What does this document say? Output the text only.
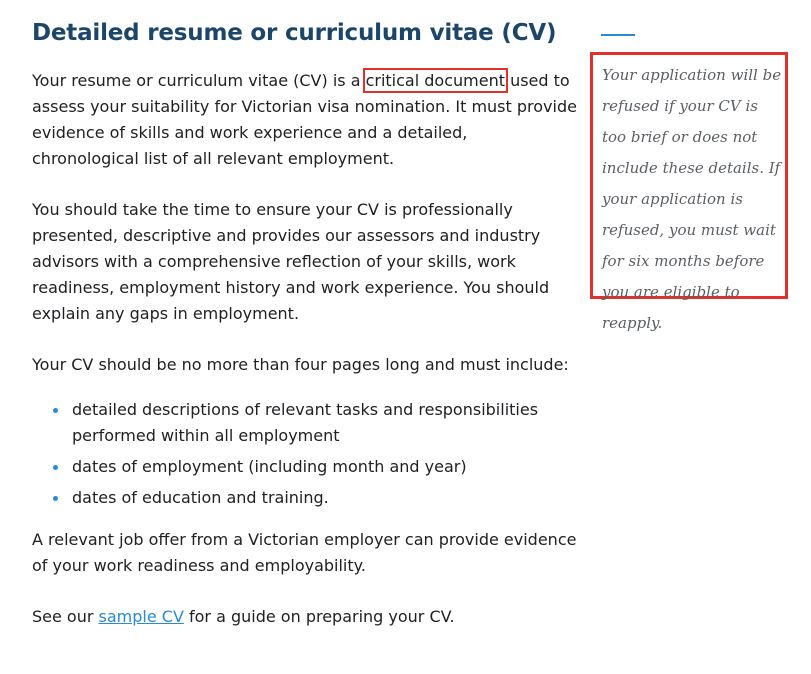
Detailed resume or curriculum vitae (CV)

Your resume or curriculum vitae (CV) is a critical document used to assess your suitability for Victorian visa nomination. It must provide evidence of skills and work experience and a detailed, chronological list of all relevant employment.

You should take the time to ensure your CV is professionally presented, descriptive and provides our assessors and industry advisors with a comprehensive reflection of your skills, work readiness, employment history and work experience. You should explain any gaps in employment.

Your CV should be no more than four pages long and must include:

detailed descriptions of relevant tasks and responsibilities performed within all employment
dates of employment (including month and year)
dates of education and training.

A relevant job offer from a Victorian employer can provide evidence of your work readiness and employability.

See our sample CV for a guide on preparing your CV.

Your application will be refused if your CV is too brief or does not include these details. If your application is refused, you must wait for six months before you are eligible to reapply.
